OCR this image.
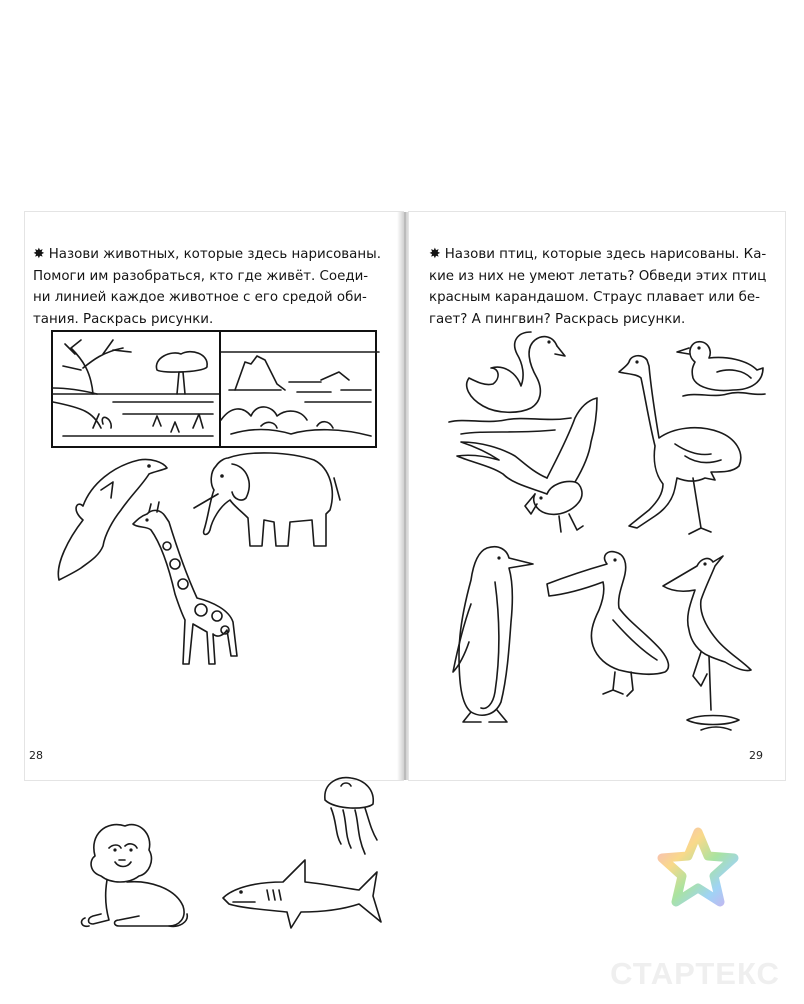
✸ Назови животных, которые здесь нарисованы.
Помоги им разобраться, кто где живёт. Соеди-
ни линией каждое животное с его средой оби-
тания. Раскрась рисунки.
28
✸ Назови птиц, которые здесь нарисованы. Ка-
кие из них не умеют летать? Обведи этих птиц
красным карандашом. Страус плавает или бе-
гает? А пингвин? Раскрась рисунки.
29
СТАРТЕКС
